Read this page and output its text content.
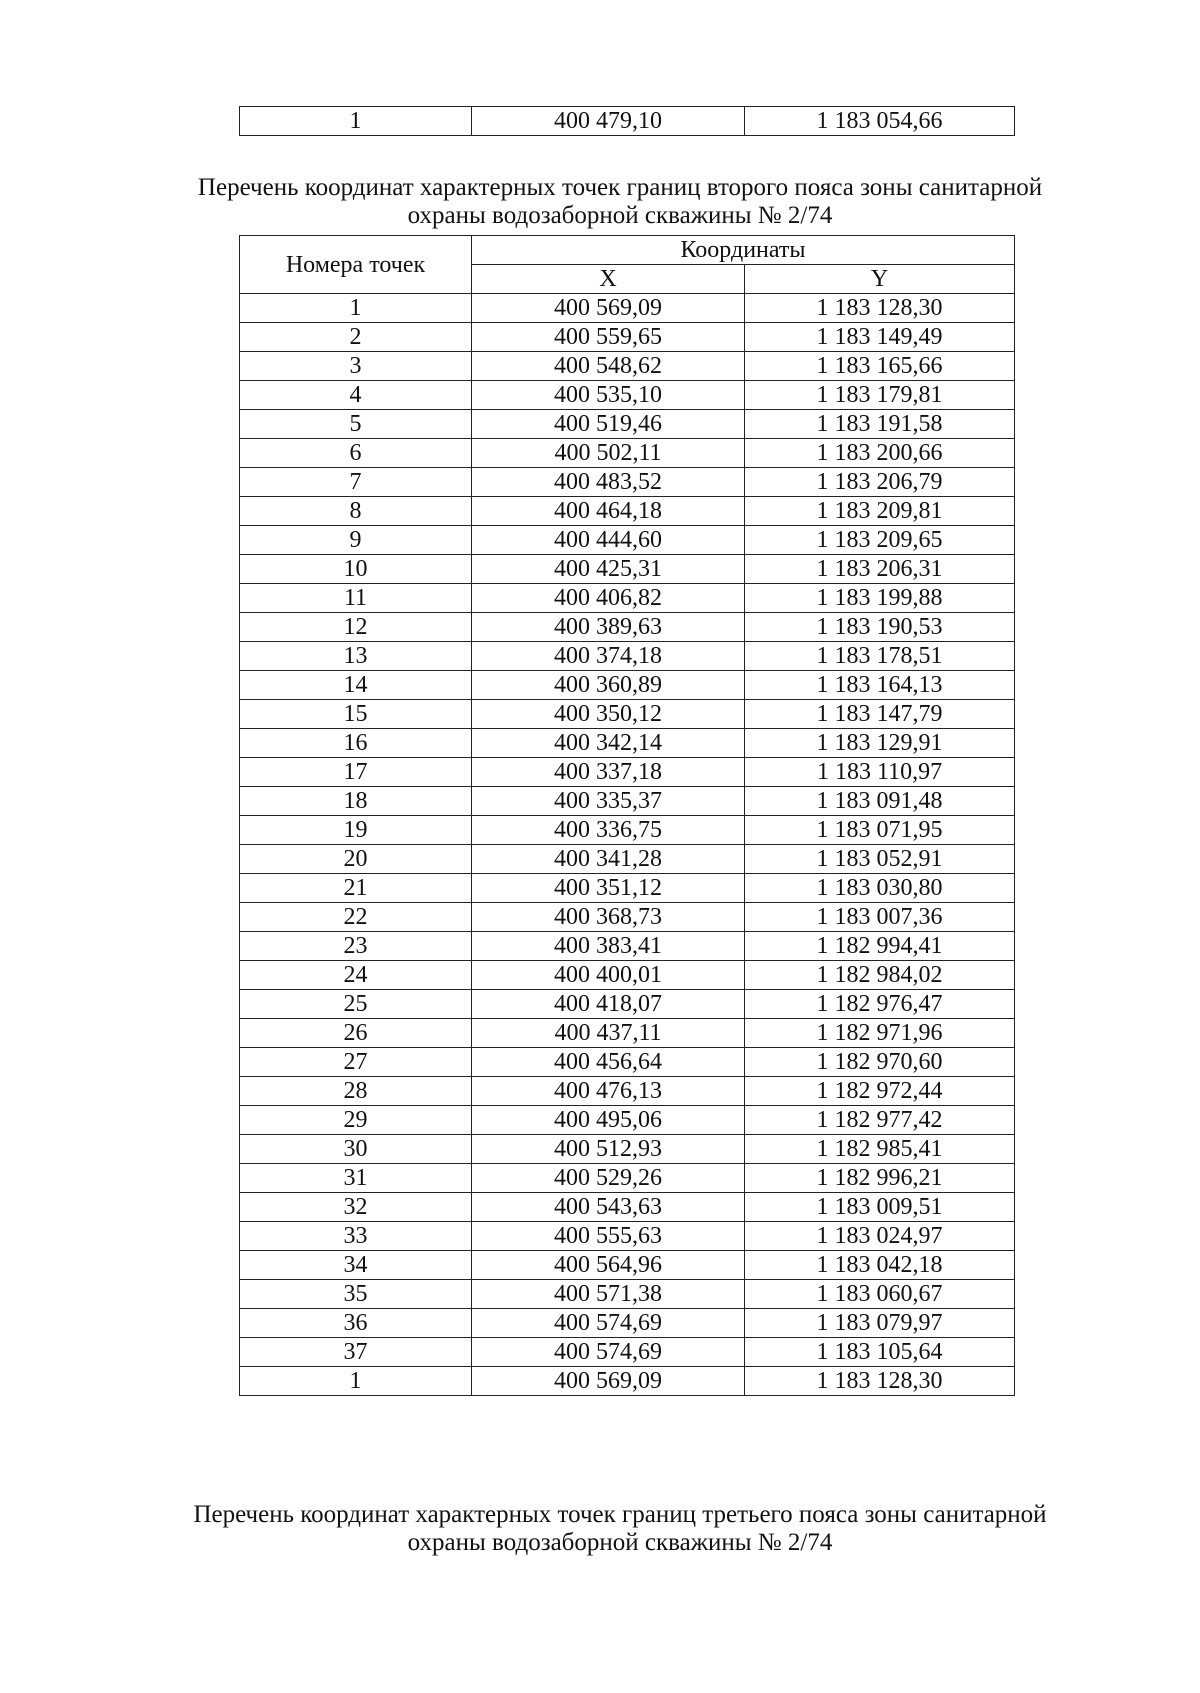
1	400 479,10	1 183 054,66
Перечень координат характерных точек границ второго пояса зоны санитарной
охраны водозаборной скважины № 2/74
Номера точек	Координаты	
	X	Y
1	400 569,09	1 183 128,30
2	400 559,65	1 183 149,49
3	400 548,62	1 183 165,66
4	400 535,10	1 183 179,81
5	400 519,46	1 183 191,58
6	400 502,11	1 183 200,66
7	400 483,52	1 183 206,79
8	400 464,18	1 183 209,81
9	400 444,60	1 183 209,65
10	400 425,31	1 183 206,31
11	400 406,82	1 183 199,88
12	400 389,63	1 183 190,53
13	400 374,18	1 183 178,51
14	400 360,89	1 183 164,13
15	400 350,12	1 183 147,79
16	400 342,14	1 183 129,91
17	400 337,18	1 183 110,97
18	400 335,37	1 183 091,48
19	400 336,75	1 183 071,95
20	400 341,28	1 183 052,91
21	400 351,12	1 183 030,80
22	400 368,73	1 183 007,36
23	400 383,41	1 182 994,41
24	400 400,01	1 182 984,02
25	400 418,07	1 182 976,47
26	400 437,11	1 182 971,96
27	400 456,64	1 182 970,60
28	400 476,13	1 182 972,44
29	400 495,06	1 182 977,42
30	400 512,93	1 182 985,41
31	400 529,26	1 182 996,21
32	400 543,63	1 183 009,51
33	400 555,63	1 183 024,97
34	400 564,96	1 183 042,18
35	400 571,38	1 183 060,67
36	400 574,69	1 183 079,97
37	400 574,69	1 183 105,64
1	400 569,09	1 183 128,30
Перечень координат характерных точек границ третьего пояса зоны санитарной
охраны водозаборной скважины № 2/74
